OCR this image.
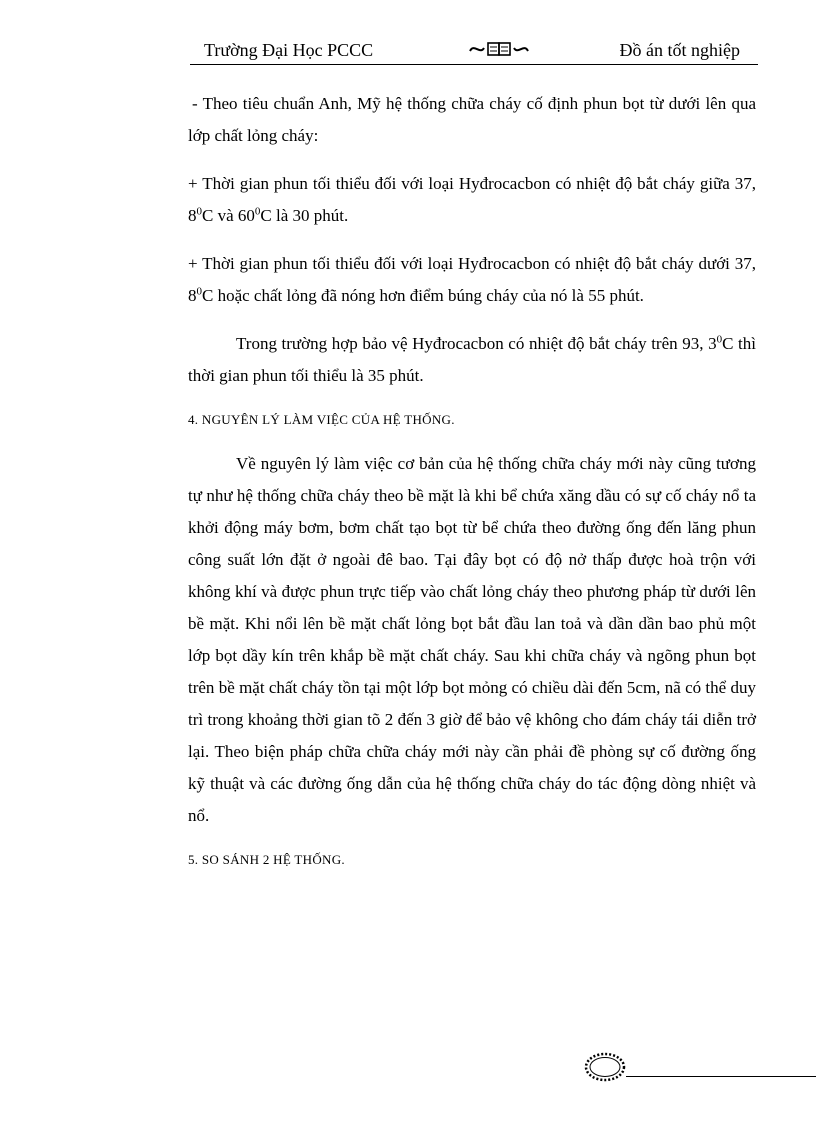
Trường Đại Học PCCC	Đồ án tốt nghiệp

- Theo tiêu chuẩn Anh, Mỹ hệ thống chữa cháy cố định phun bọt từ dưới lên qua lớp chất lỏng cháy:

+ Thời gian phun tối thiểu đối với loại Hyđrocacbon có nhiệt độ bắt cháy giữa 37, $8^0C$ và $60^0C$ là 30 phút.

+ Thời gian phun tối thiểu đối với loại Hyđrocacbon có nhiệt độ bắt cháy dưới 37, $8^0C$ hoặc chất lỏng đã nóng hơn điểm búng cháy của nó là 55 phút.

Trong trường hợp bảo vệ Hyđrocacbon có nhiệt độ bắt cháy trên 93, $3^0C$ thì thời gian phun tối thiểu là 35 phút.

4. NGUYÊN LÝ LÀM VIỆC CỦA HỆ THỐNG.

Về nguyên lý làm việc cơ bản của hệ thống chữa cháy mới này cũng tương tự như hệ thống chữa cháy theo bề mặt là khi bể chứa xăng dầu có sự cố cháy nổ ta khởi động máy bơm, bơm chất tạo bọt từ bể chứa theo đường ống đến lăng phun công suất lớn đặt ở ngoài đê bao. Tại đây bọt có độ nở thấp được hoà trộn với không khí và được phun trực tiếp vào chất lỏng cháy theo phương pháp từ dưới lên bề mặt. Khi nổi lên bề mặt chất lỏng bọt bắt đầu lan toả và dần dần bao phủ một lớp bọt dầy kín trên khắp bề mặt chất cháy. Sau khi chữa cháy và ngõng phun bọt trên bề mặt chất cháy tồn tại một lớp bọt mỏng có chiều dài đến 5cm, nã có thể duy trì trong khoảng thời gian tõ 2 đến 3 giờ để bảo vệ không cho đám cháy tái diễn trở lại. Theo biện pháp chữa chữa cháy mới này cần phải đề phòng sự cố đường ống kỹ thuật và các đường ống dẫn của hệ thống chữa cháy do tác động dòng nhiệt và nổ.

5. SO SÁNH 2 HỆ THỐNG.
